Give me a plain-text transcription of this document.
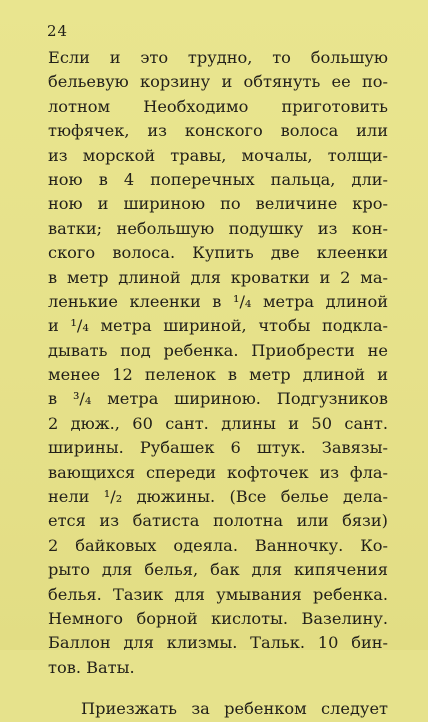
24
Если и это трудно, то большую
бельевую корзину и обтянуть ее по-
лотном Необходимо приготовить
тюфячек, из конского волоса или
из морской травы, мочалы, толщи-
ною в 4 поперечных пальца, дли-
ною и шириною по величине кро-
ватки; небольшую подушку из кон-
ского волоса. Купить две клеенки
в метр длиной для кроватки и 2 ма-
ленькие клеенки в ¹/₄ метра длиной
и ¹/₄ метра шириной, чтобы подкла-
дывать под ребенка. Приобрести не
менее 12 пеленок в метр длиной и
в ³/₄ метра шириною. Подгузников
2 дюж., 60 сант. длины и 50 сант.
ширины. Рубашек 6 штук. Завязы-
вающихся спереди кофточек из фла-
нели ¹/₂ дюжины. (Все белье дела-
ется из батиста полотна или бязи)
2 байковых одеяла. Ванночку. Ко-
рыто для белья, бак для кипячения
белья. Тазик для умывания ребенка.
Немного борной кислоты. Вазелину.
Баллон для клизмы. Тальк. 10 бин-
тов. Ваты.
Приезжать за ребенком следует
